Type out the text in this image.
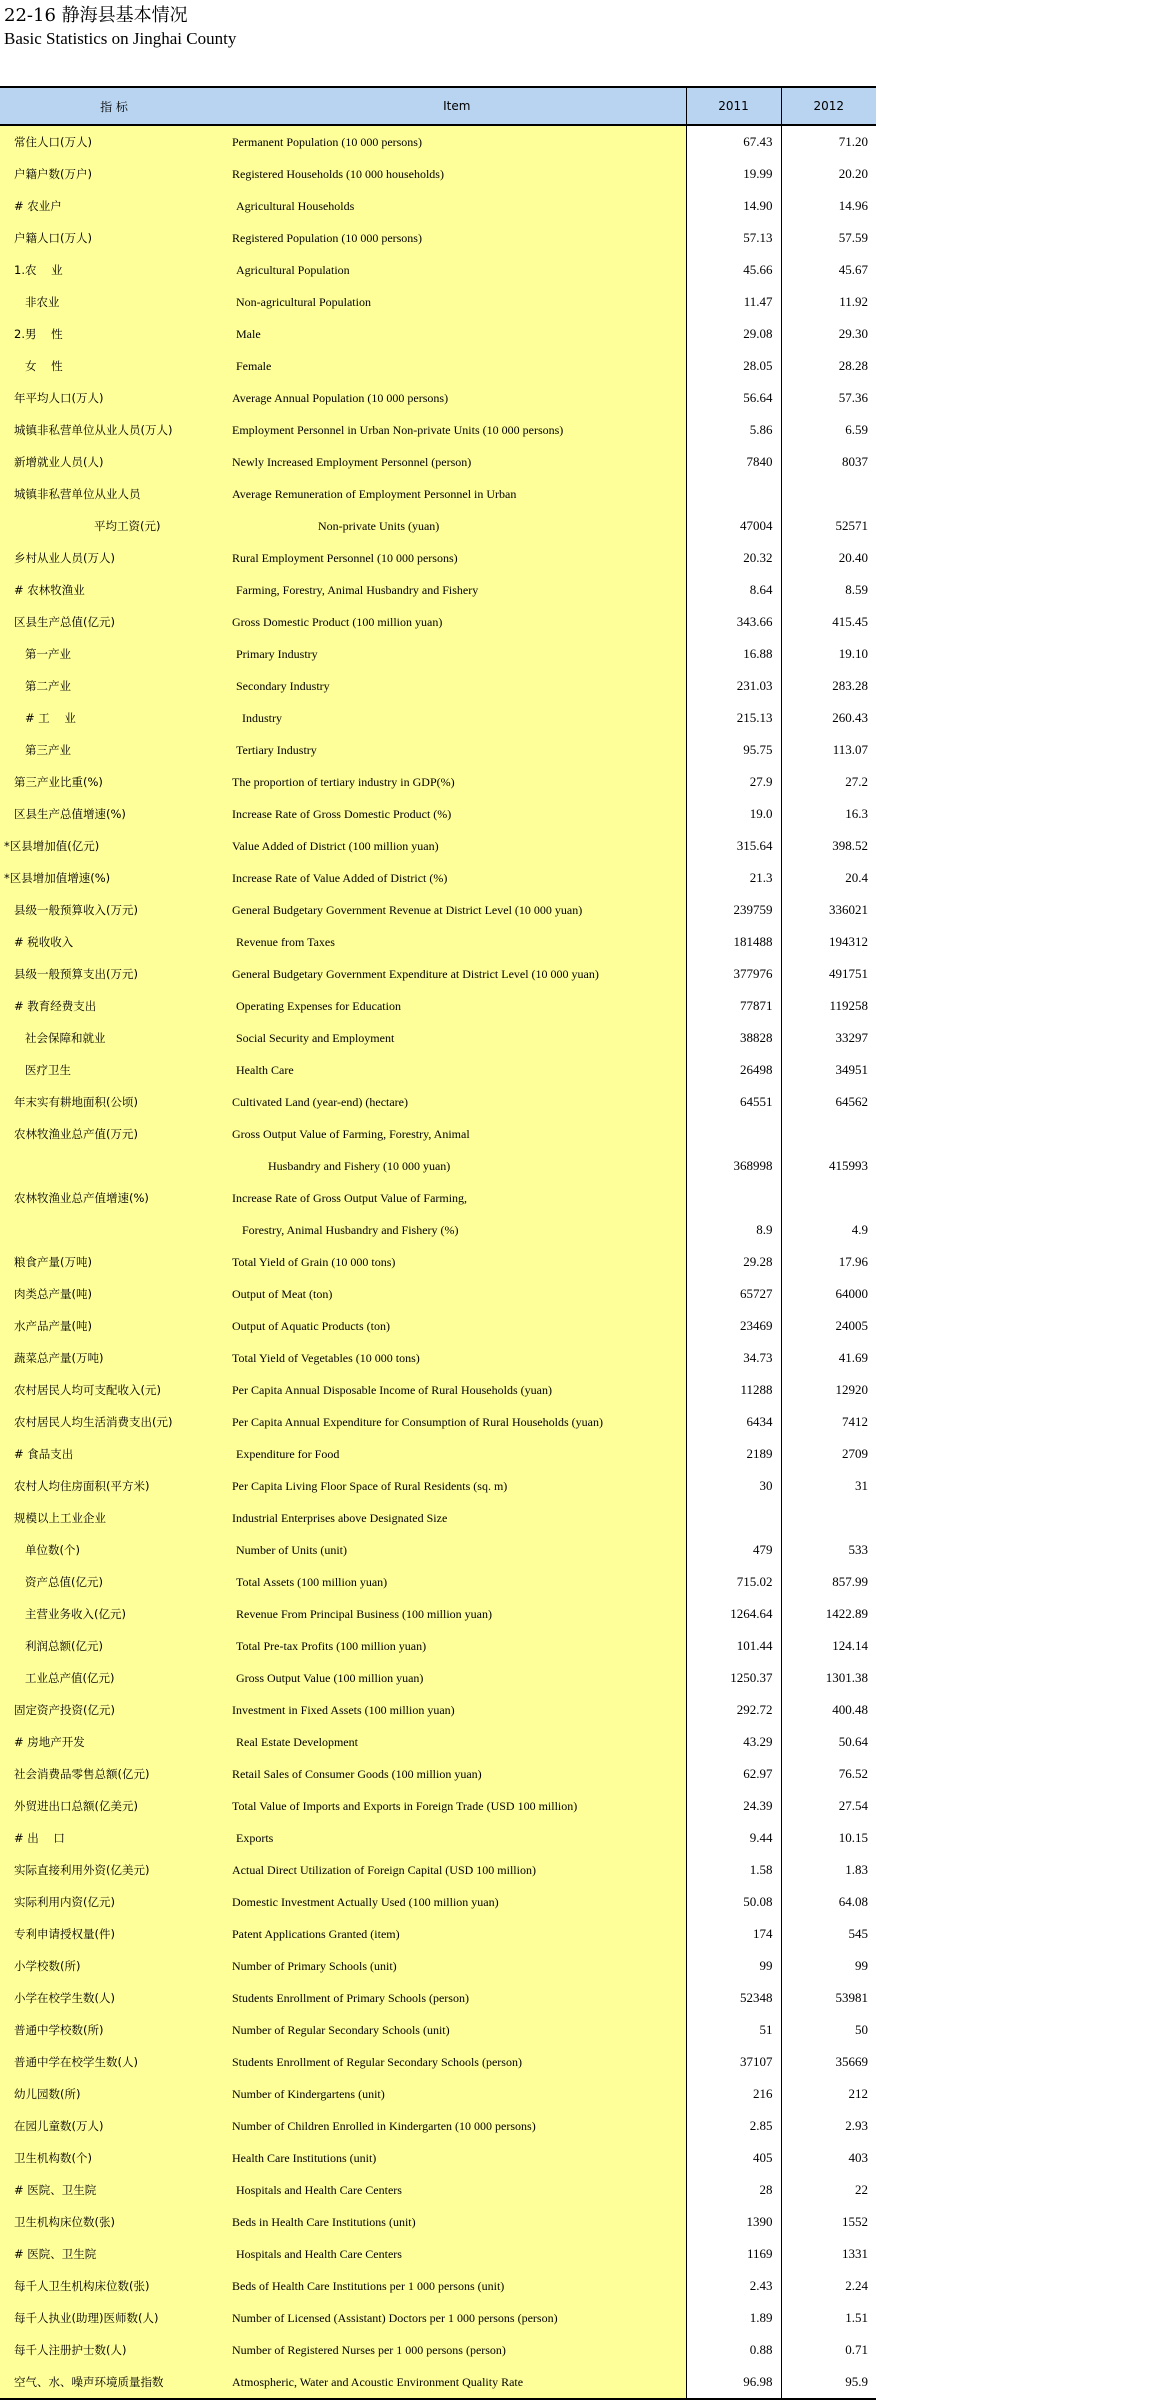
22-16 静海县基本情况
Basic Statistics on Jinghai County
指 标	Item	2011	2012
常住人口(万人)	Permanent Population (10 000 persons)	67.43	71.20
户籍户数(万户)	Registered Households (10 000 households)	19.99	20.20
# 农业户	Agricultural Households	14.90	14.96
户籍人口(万人)	Registered Population (10 000 persons)	57.13	57.59
1.农    业	Agricultural Population	45.66	45.67
非农业	Non-agricultural Population	11.47	11.92
2.男    性	Male	29.08	29.30
女    性	Female	28.05	28.28
年平均人口(万人)	Average Annual Population (10 000 persons)	56.64	57.36
城镇非私营单位从业人员(万人)	Employment Personnel in Urban Non-private Units (10 000 persons)	5.86	6.59
新增就业人员(人)	Newly Increased Employment Personnel (person)	7840	8037
城镇非私营单位从业人员	Average Remuneration of Employment Personnel in Urban		
平均工资(元)	Non-private Units (yuan)	47004	52571
乡村从业人员(万人)	Rural Employment Personnel (10 000 persons)	20.32	20.40
# 农林牧渔业	Farming, Forestry, Animal Husbandry and Fishery	8.64	8.59
区县生产总值(亿元)	Gross Domestic Product (100 million yuan)	343.66	415.45
第一产业	Primary Industry	16.88	19.10
第二产业	Secondary Industry	231.03	283.28
# 工    业	Industry	215.13	260.43
第三产业	Tertiary Industry	95.75	113.07
第三产业比重(%)	The proportion of tertiary industry in GDP(%)	27.9	27.2
区县生产总值增速(%)	Increase Rate of Gross Domestic Product (%)	19.0	16.3
*区县增加值(亿元)	Value Added of District (100 million yuan)	315.64	398.52
*区县增加值增速(%)	Increase Rate of Value Added of District (%)	21.3	20.4
县级一般预算收入(万元)	General Budgetary Government Revenue at District Level (10 000 yuan)	239759	336021
# 税收收入	Revenue from Taxes	181488	194312
县级一般预算支出(万元)	General Budgetary Government Expenditure at District Level (10 000 yuan)	377976	491751
# 教育经费支出	Operating Expenses for Education	77871	119258
社会保障和就业	Social Security and Employment	38828	33297
医疗卫生	Health Care	26498	34951
年末实有耕地面积(公顷)	Cultivated Land (year-end) (hectare)	64551	64562
农林牧渔业总产值(万元)	Gross Output Value of Farming, Forestry, Animal		
	Husbandry and Fishery (10 000 yuan)	368998	415993
农林牧渔业总产值增速(%)	Increase Rate of Gross Output Value of Farming,		
	Forestry, Animal Husbandry and Fishery (%)	8.9	4.9
粮食产量(万吨)	Total Yield of Grain (10 000 tons)	29.28	17.96
肉类总产量(吨)	Output of Meat (ton)	65727	64000
水产品产量(吨)	Output of Aquatic Products (ton)	23469	24005
蔬菜总产量(万吨)	Total Yield of Vegetables (10 000 tons)	34.73	41.69
农村居民人均可支配收入(元)	Per Capita Annual Disposable Income of Rural Households (yuan)	11288	12920
农村居民人均生活消费支出(元)	Per Capita Annual Expenditure for Consumption of Rural Households (yuan)	6434	7412
# 食品支出	Expenditure for Food	2189	2709
农村人均住房面积(平方米)	Per Capita Living Floor Space of Rural Residents (sq. m)	30	31
规模以上工业企业	Industrial Enterprises above Designated Size		
单位数(个)	Number of Units (unit)	479	533
资产总值(亿元)	Total Assets (100 million yuan)	715.02	857.99
主营业务收入(亿元)	Revenue From Principal Business (100 million yuan)	1264.64	1422.89
利润总额(亿元)	Total Pre-tax Profits (100 million yuan)	101.44	124.14
工业总产值(亿元)	Gross Output Value (100 million yuan)	1250.37	1301.38
固定资产投资(亿元)	Investment in Fixed Assets (100 million yuan)	292.72	400.48
# 房地产开发	Real Estate Development	43.29	50.64
社会消费品零售总额(亿元)	Retail Sales of Consumer Goods (100 million yuan)	62.97	76.52
外贸进出口总额(亿美元)	Total Value of Imports and Exports in Foreign Trade (USD 100 million)	24.39	27.54
# 出    口	Exports	9.44	10.15
实际直接利用外资(亿美元)	Actual Direct Utilization of Foreign Capital (USD 100 million)	1.58	1.83
实际利用内资(亿元)	Domestic Investment Actually Used (100 million yuan)	50.08	64.08
专利申请授权量(件)	Patent Applications Granted (item)	174	545
小学校数(所)	Number of Primary Schools (unit)	99	99
小学在校学生数(人)	Students Enrollment of Primary Schools (person)	52348	53981
普通中学校数(所)	Number of Regular Secondary Schools (unit)	51	50
普通中学在校学生数(人)	Students Enrollment of Regular Secondary Schools (person)	37107	35669
幼儿园数(所)	Number of Kindergartens (unit)	216	212
在园儿童数(万人)	Number of Children Enrolled in Kindergarten (10 000 persons)	2.85	2.93
卫生机构数(个)	Health Care Institutions (unit)	405	403
# 医院、卫生院	Hospitals and Health Care Centers	28	22
卫生机构床位数(张)	Beds in Health Care Institutions (unit)	1390	1552
# 医院、卫生院	Hospitals and Health Care Centers	1169	1331
每千人卫生机构床位数(张)	Beds of Health Care Institutions per 1 000 persons (unit)	2.43	2.24
每千人执业(助理)医师数(人)	Number of Licensed (Assistant) Doctors per 1 000 persons (person)	1.89	1.51
每千人注册护士数(人)	Number of Registered Nurses per 1 000 persons (person)	0.88	0.71
空气、水、噪声环境质量指数	Atmospheric, Water and Acoustic Environment Quality Rate	96.98	95.9
